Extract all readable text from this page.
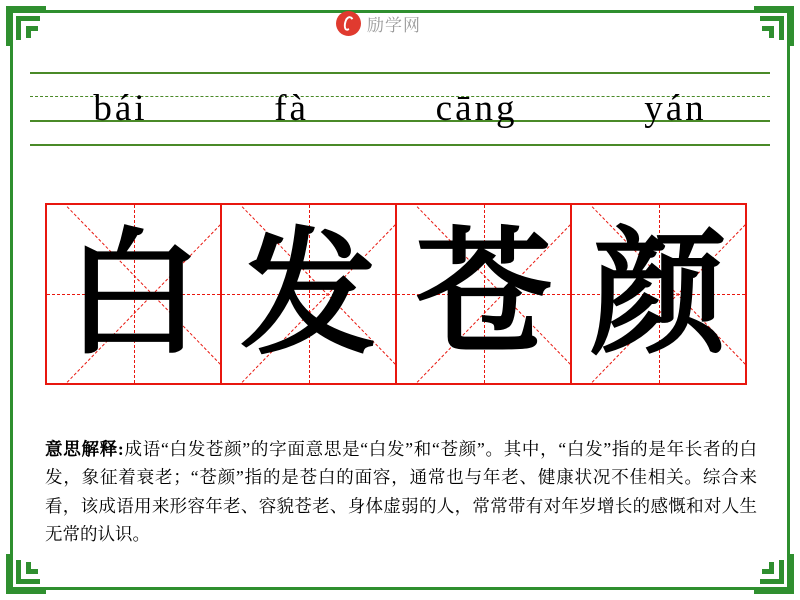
励学网
bái	fà	cāng	yán
白 发 苍 颜
意思解释:成语“白发苍颜”的字面意思是“白发”和“苍颜”。其中，“白发”指的是年长者的白发，象征着衰老；“苍颜”指的是苍白的面容，通常也与年老、健康状况不佳相关。综合来看，该成语用来形容年老、容貌苍老、身体虚弱的人，常常带有对年岁增长的感慨和对人生无常的认识。
